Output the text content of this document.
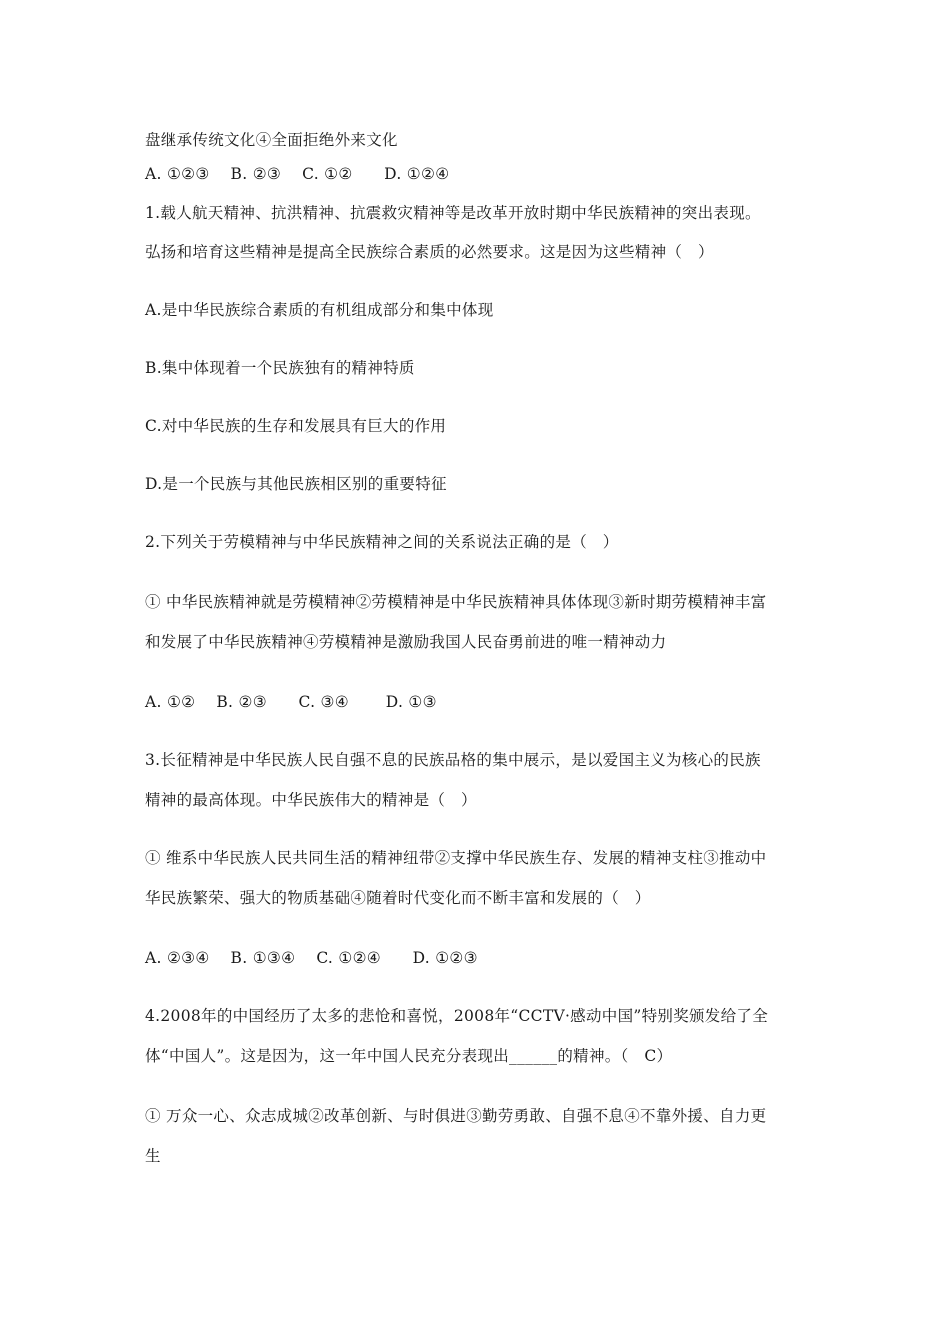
盘继承传统文化④全面拒绝外来文化
A. ①②③　 B. ②③　 C. ①②　　D. ①②④
1.载人航天精神、抗洪精神、抗震救灾精神等是改革开放时期中华民族精神的突出表现。
弘扬和培育这些精神是提高全民族综合素质的必然要求。这是因为这些精神（　）
A.是中华民族综合素质的有机组成部分和集中体现
B.集中体现着一个民族独有的精神特质
C.对中华民族的生存和发展具有巨大的作用
D.是一个民族与其他民族相区别的重要特征
2.下列关于劳模精神与中华民族精神之间的关系说法正确的是（　）
① 中华民族精神就是劳模精神②劳模精神是中华民族精神具体体现③新时期劳模精神丰富
和发展了中华民族精神④劳模精神是激励我国人民奋勇前进的唯一精神动力
A. ①②　 B. ②③　　C. ③④　　 D. ①③
3.长征精神是中华民族人民自强不息的民族品格的集中展示，是以爱国主义为核心的民族
精神的最高体现。中华民族伟大的精神是（　）
① 维系中华民族人民共同生活的精神纽带②支撑中华民族生存、发展的精神支柱③推动中
华民族繁荣、强大的物质基础④随着时代变化而不断丰富和发展的（　）
A. ②③④　 B. ①③④　 C. ①②④　　D. ①②③
4.2008年的中国经历了太多的悲怆和喜悦，2008年“CCTV·感动中国”特别奖颁发给了全
体“中国人”。这是因为，这一年中国人民充分表现出______的精神。（　C）
① 万众一心、众志成城②改革创新、与时俱进③勤劳勇敢、自强不息④不靠外援、自力更
生
